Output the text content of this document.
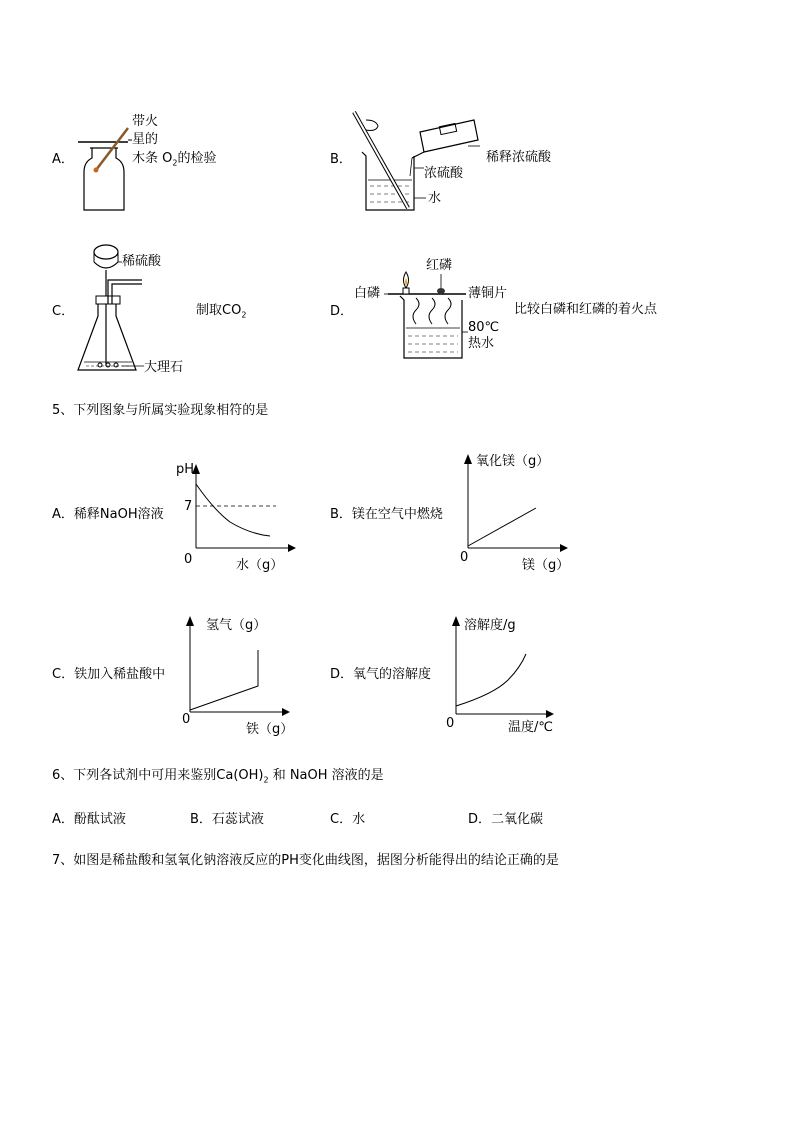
A．
带火
星的
木条 $O_2$的检验	B．	稀释浓硫酸
浓硫酸
水
C．
稀硫酸
大理石
制取$CO_2$	D．
红磷
白磷	薄铜片
80℃
热水
比较白磷和红磷的着火点
5、下列图象与所属实验现象相符的是
A．稀释NaOH溶液
pH
7
0	水（g）
B．镁在空气中燃烧
氧化镁（g）
0
镁（g）
C．铁加入稀盐酸中
氢气（g）
0
铁（g）
D．氧气的溶解度
溶解度/g
0	温度/℃
6、下列各试剂中可用来鉴别$Ca(OH)_2$ 和 NaOH 溶液的是
A．酚酞试液	B．石蕊试液	C．水	D．二氧化碳
7、如图是稀盐酸和氢氧化钠溶液反应的PH变化曲线图，据图分析能得出的结论正确的是
